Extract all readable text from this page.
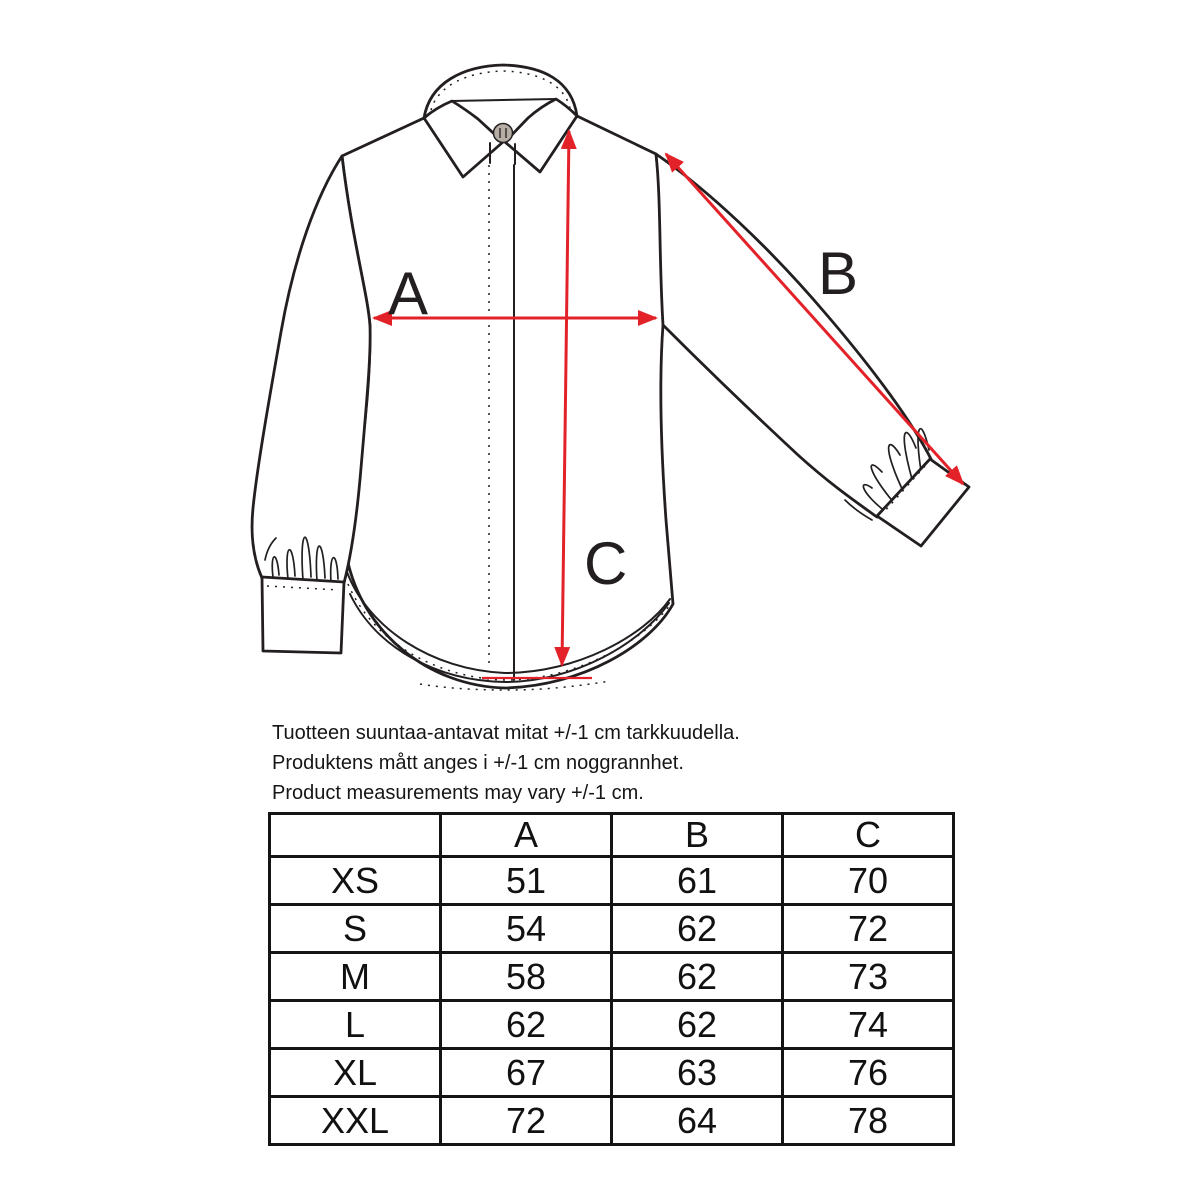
A	B
C
Tuotteen suuntaa-antavat mitat +/-1 cm tarkkuudella.
Produktens mått anges i +/-1 cm noggrannhet.
Product measurements may vary +/-1 cm.
	A	B	C
XS	51	61	70
S	54	62	72
M	58	62	73
L	62	62	74
XL	67	63	76
XXL	72	64	78
